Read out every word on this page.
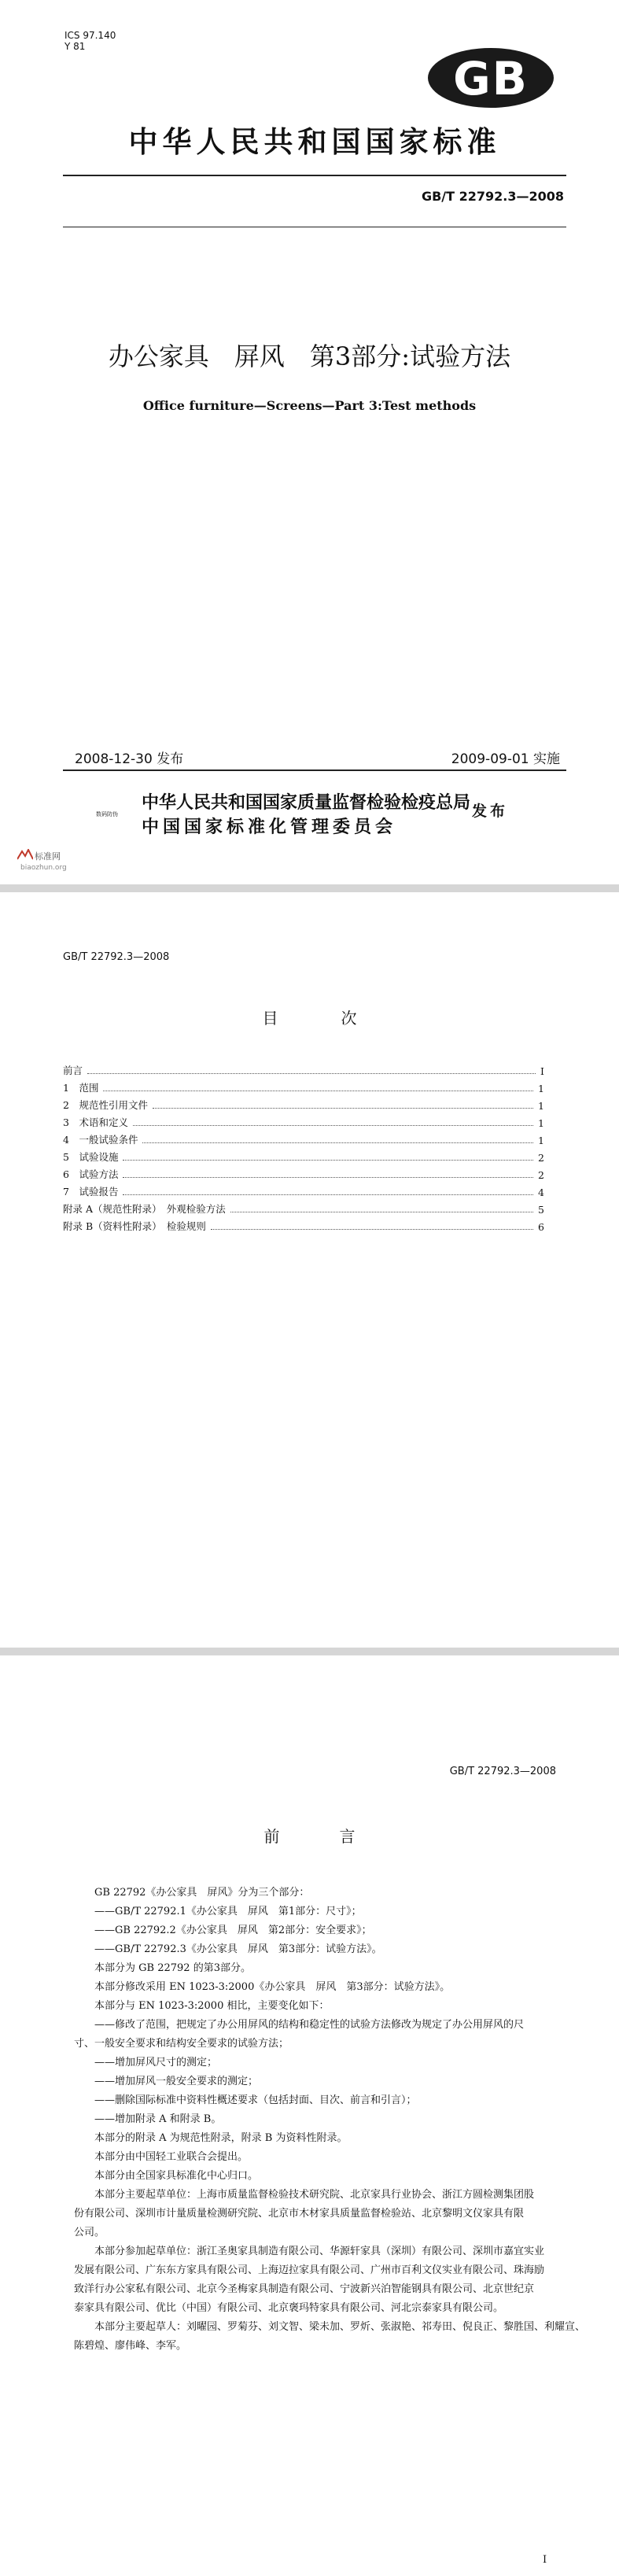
ICS 97.140
Y 81
GB
中华人民共和国国家标准
GB/T 22792.3—2008
办公家具　屏风　第3部分:试验方法
Office furniture—Screens—Part 3:Test methods
2008-12-30 发布	2009-09-01 实施
数码防伪
中华人民共和国国家质量监督检验检疫总局
中国国家标准化管理委员会
发布
标准网
biaozhun.org
GB/T 22792.3—2008
目　次
前言	Ⅰ
1　范围	1
2　规范性引用文件	1
3　术语和定义	1
4　一般试验条件	1
5　试验设施	2
6　试验方法	2
7　试验报告	4
附录 A（规范性附录）　外观检验方法	5
附录 B（资料性附录）　检验规则	6
GB/T 22792.3—2008
前　言
GB 22792《办公家具　屏风》分为三个部分：
——GB/T 22792.1《办公家具　屏风　第1部分：尺寸》；
——GB 22792.2《办公家具　屏风　第2部分：安全要求》；
——GB/T 22792.3《办公家具　屏风　第3部分：试验方法》。
本部分为 GB 22792 的第3部分。
本部分修改采用 EN 1023-3:2000《办公家具　屏风　第3部分：试验方法》。
本部分与 EN 1023-3:2000 相比，主要变化如下：
——修改了范围，把规定了办公用屏风的结构和稳定性的试验方法修改为规定了办公用屏风的尺
寸、一般安全要求和结构安全要求的试验方法；
——增加屏风尺寸的测定；
——增加屏风一般安全要求的测定；
——删除国际标准中资料性概述要求（包括封面、目次、前言和引言）；
——增加附录 A 和附录 B。
本部分的附录 A 为规范性附录，附录 B 为资料性附录。
本部分由中国轻工业联合会提出。
本部分由全国家具标准化中心归口。
本部分主要起草单位：上海市质量监督检验技术研究院、北京家具行业协会、浙江方圆检测集团股
份有限公司、深圳市计量质量检测研究院、北京市木材家具质量监督检验站、北京黎明文仪家具有限
公司。
本部分参加起草单位：浙江圣奥家具制造有限公司、华源轩家具（深圳）有限公司、深圳市嘉宜实业
发展有限公司、广东东方家具有限公司、上海迈拉家具有限公司、广州市百利文仪实业有限公司、珠海励
致洋行办公家私有限公司、北京今圣梅家具制造有限公司、宁波新兴泊智能钢具有限公司、北京世纪京
泰家具有限公司、优比（中国）有限公司、北京褒玛特家具有限公司、河北宗泰家具有限公司。
本部分主要起草人：刘曜园、罗菊芬、刘文智、梁未加、罗炘、张淑艳、祁寿田、倪良正、黎胜国、利耀宣、
陈碧煌、廖伟峰、李军。
Ⅰ
